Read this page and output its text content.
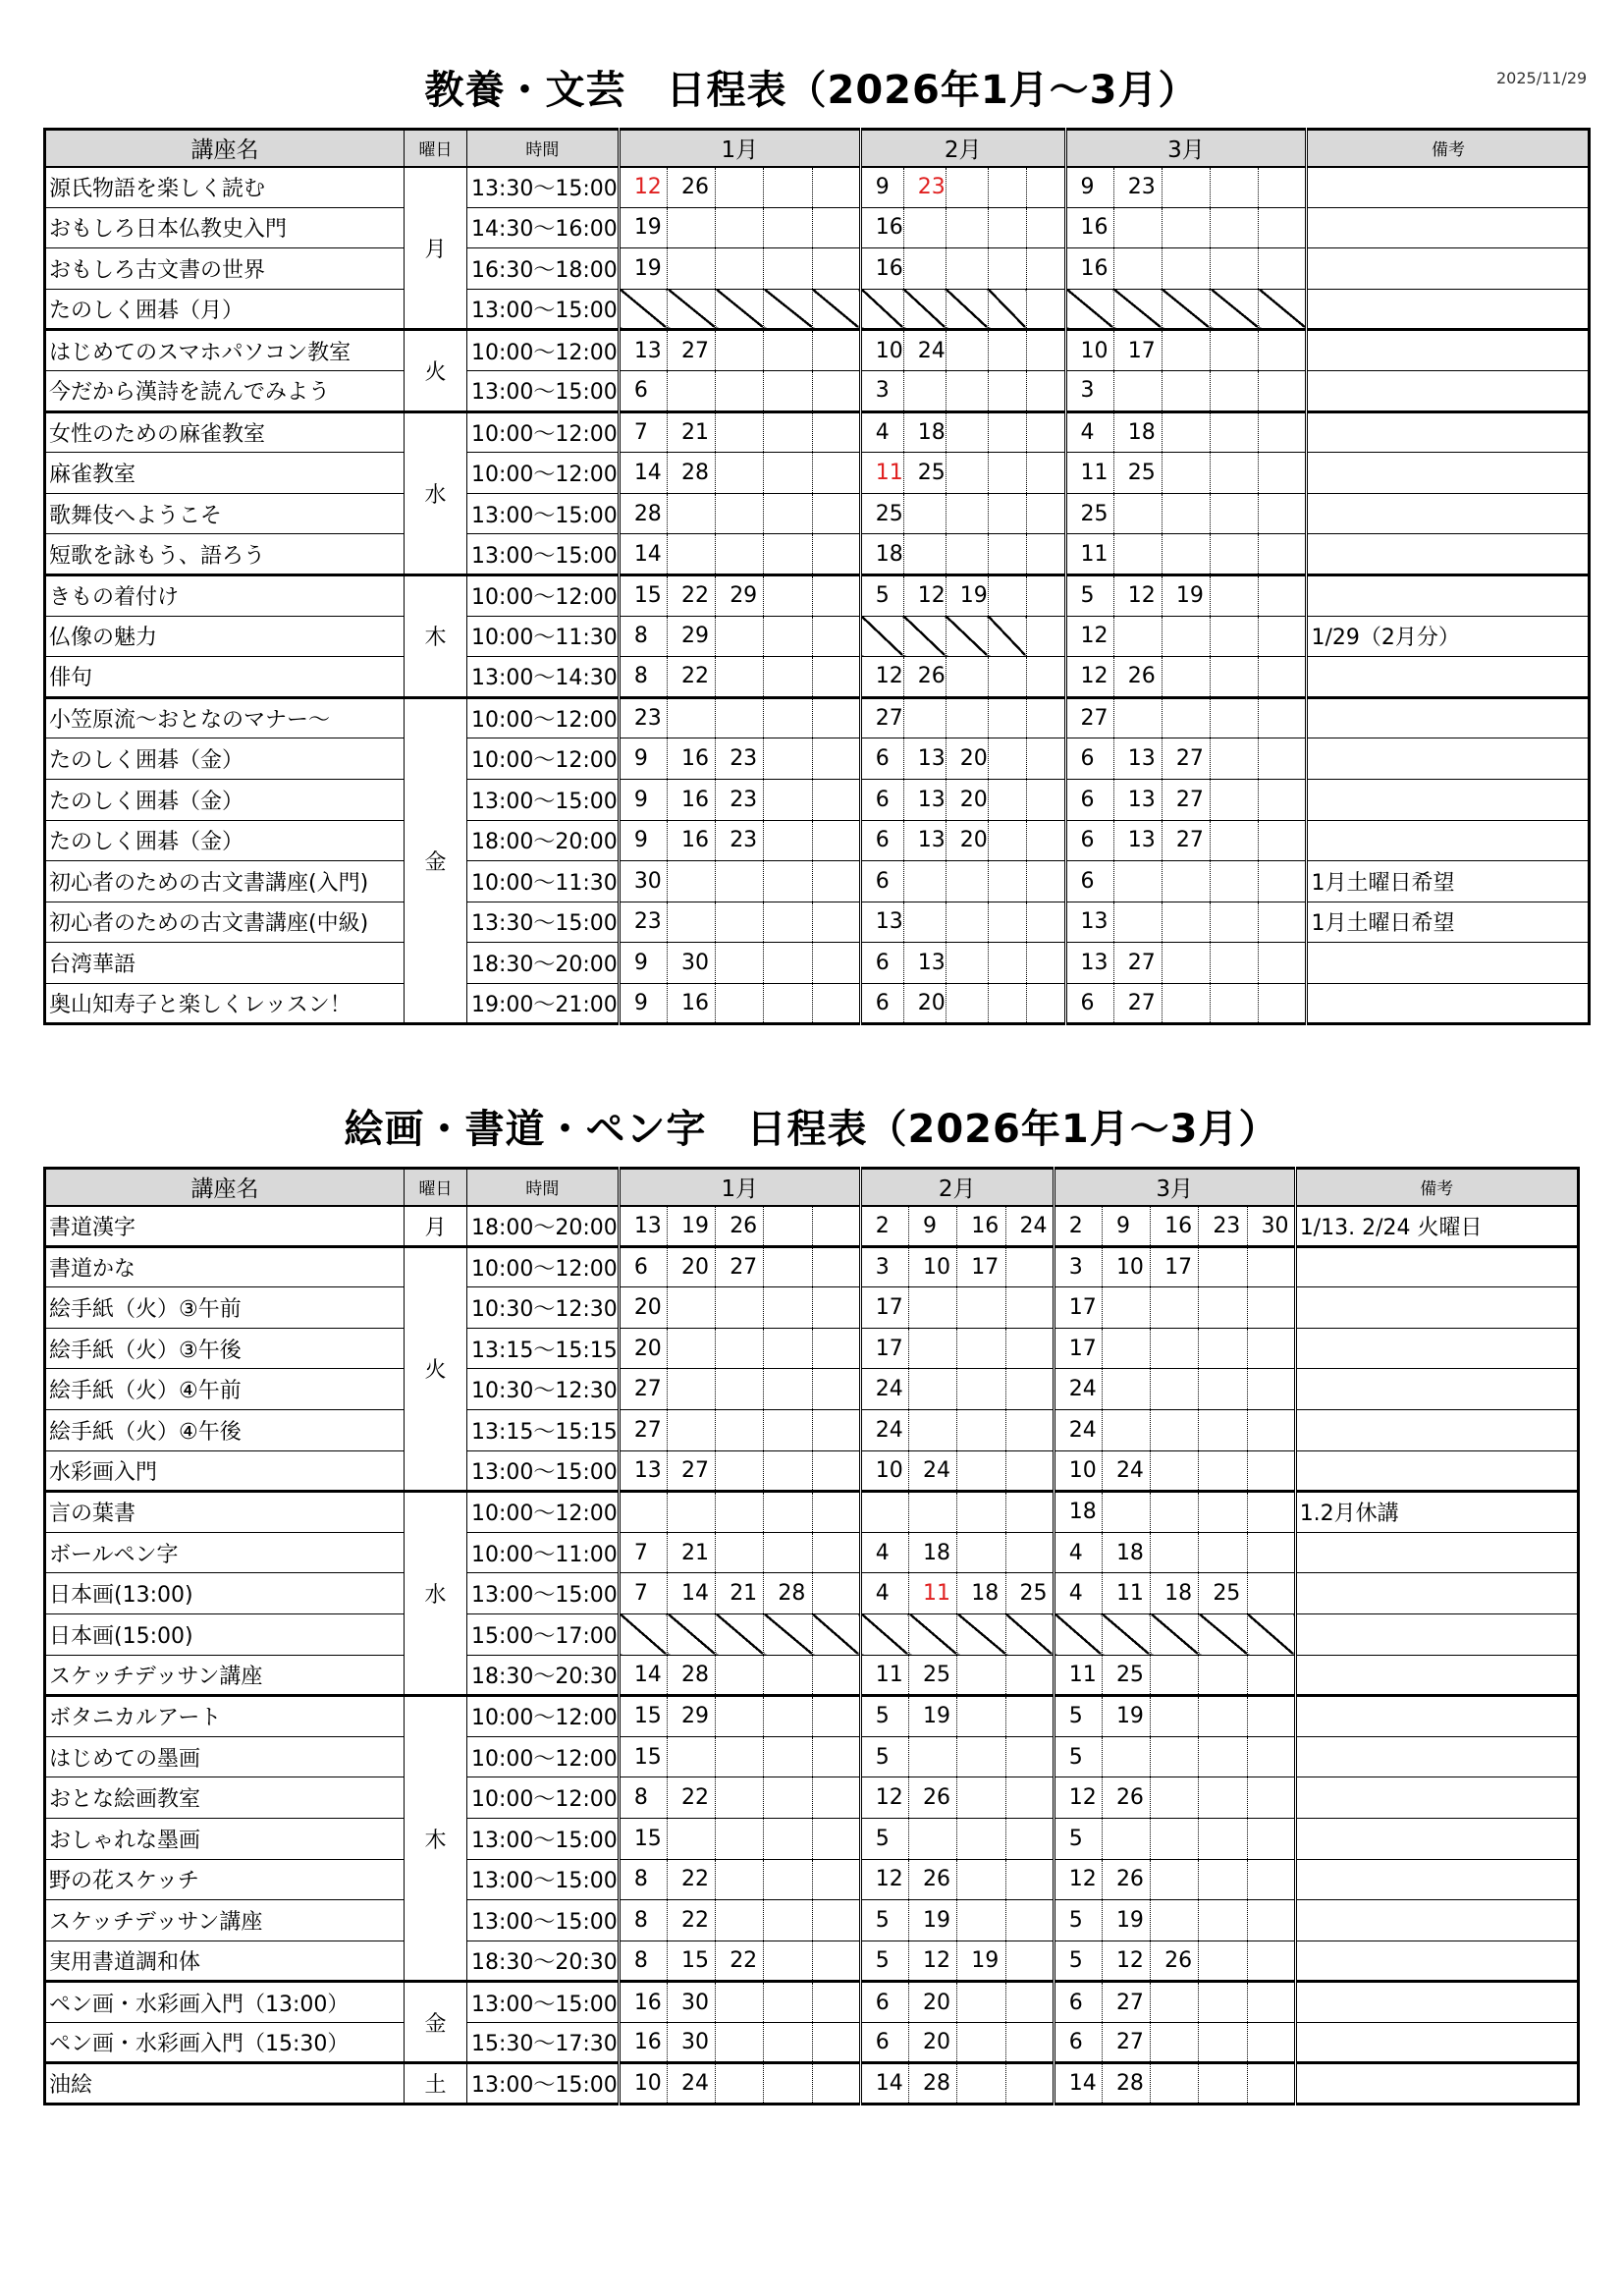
2025/11/29
教養・文芸　日程表（2026年1月～3月）
講座名	曜日	時間	1月					2月					3月					備考
源氏物語を楽しく読む	月	13:30～15:00	12	26				9	23				9	23				
おもしろ日本仏教史入門		14:30～16:00	19					16					16					
おもしろ古文書の世界		16:30～18:00	19					16					16					
たのしく囲碁（月）		13:00～15:00																
はじめてのスマホパソコン教室	火	10:00～12:00	13	27				10	24				10	17				
今だから漢詩を読んでみよう		13:00～15:00	6					3					3					
女性のための麻雀教室	水	10:00～12:00	7	21				4	18				4	18				
麻雀教室		10:00～12:00	14	28				11	25				11	25				
歌舞伎へようこそ		13:00～15:00	28					25					25					
短歌を詠もう、語ろう		13:00～15:00	14					18					11					
きもの着付け	木	10:00～12:00	15	22	29			5	12	19			5	12	19			
仏像の魅力		10:00～11:30	8	29									12					1/29（2月分）
俳句		13:00～14:30	8	22				12	26				12	26				
小笠原流～おとなのマナー～	金	10:00～12:00	23					27					27					
たのしく囲碁（金）		10:00～12:00	9	16	23			6	13	20			6	13	27			
たのしく囲碁（金）		13:00～15:00	9	16	23			6	13	20			6	13	27			
たのしく囲碁（金）		18:00～20:00	9	16	23			6	13	20			6	13	27			
初心者のための古文書講座(入門)		10:00～11:30	30					6					6					1月土曜日希望
初心者のための古文書講座(中級)		13:30～15:00	23					13					13					1月土曜日希望
台湾華語		18:30～20:00	9	30				6	13				13	27				
奥山知寿子と楽しくレッスン！		19:00～21:00	9	16				6	20				6	27				
絵画・書道・ペン字　日程表（2026年1月～3月）
講座名	曜日	時間	1月					2月				3月					備考
書道漢字	月	18:00～20:00	13	19	26			2	9	16	24	2	9	16	23	30	1/13. 2/24 火曜日
書道かな	火	10:00～12:00	6	20	27			3	10	17		3	10	17			
絵手紙（火）③午前		10:30～12:30	20					17				17					
絵手紙（火）③午後		13:15～15:15	20					17				17					
絵手紙（火）④午前		10:30～12:30	27					24				24					
絵手紙（火）④午後		13:15～15:15	27					24				24					
水彩画入門		13:00～15:00	13	27				10	24			10	24				
言の葉書	水	10:00～12:00										18					1.2月休講
ボールペン字		10:00～11:00	7	21				4	18			4	18				
日本画(13:00)		13:00～15:00	7	14	21	28		4	11	18	25	4	11	18	25		
日本画(15:00)		15:00～17:00															
スケッチデッサン講座		18:30～20:30	14	28				11	25			11	25				
ボタニカルアート	木	10:00～12:00	15	29				5	19			5	19				
はじめての墨画		10:00～12:00	15					5				5					
おとな絵画教室		10:00～12:00	8	22				12	26			12	26				
おしゃれな墨画		13:00～15:00	15					5				5					
野の花スケッチ		13:00～15:00	8	22				12	26			12	26				
スケッチデッサン講座		13:00～15:00	8	22				5	19			5	19				
実用書道調和体		18:30～20:30	8	15	22			5	12	19		5	12	26			
ペン画・水彩画入門（13:00）	金	13:00～15:00	16	30				6	20			6	27				
ペン画・水彩画入門（15:30）		15:30～17:30	16	30				6	20			6	27				
油絵	土	13:00～15:00	10	24				14	28			14	28				
